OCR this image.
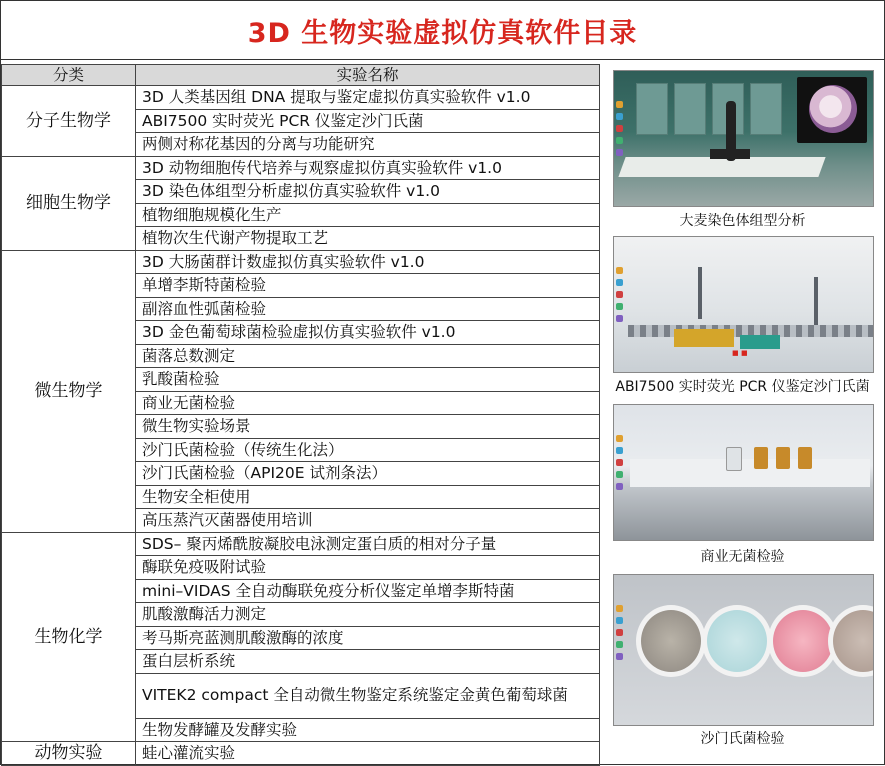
3D 生物实验虚拟仿真软件目录
分类	实验名称
分子生物学	3D 人类基因组 DNA 提取与鉴定虚拟仿真实验软件 v1.0
	ABI7500 实时荧光 PCR 仪鉴定沙门氏菌
	两侧对称花基因的分离与功能研究
细胞生物学	3D 动物细胞传代培养与观察虚拟仿真实验软件 v1.0
	3D 染色体组型分析虚拟仿真实验软件 v1.0
	植物细胞规模化生产
	植物次生代谢产物提取工艺
微生物学	3D 大肠菌群计数虚拟仿真实验软件 v1.0
	单增李斯特菌检验
	副溶血性弧菌检验
	3D 金色葡萄球菌检验虚拟仿真实验软件 v1.0
	菌落总数测定
	乳酸菌检验
	商业无菌检验
	微生物实验场景
	沙门氏菌检验（传统生化法）
	沙门氏菌检验（API20E 试剂条法）
	生物安全柜使用
	高压蒸汽灭菌器使用培训
生物化学	SDS– 聚丙烯酰胺凝胶电泳测定蛋白质的相对分子量
	酶联免疫吸附试验
	mini–VIDAS 全自动酶联免疫分析仪鉴定单增李斯特菌
	肌酸激酶活力测定
	考马斯亮蓝测肌酸激酶的浓度
	蛋白层析系统
	VITEK2 compact 全自动微生物鉴定系统鉴定金黄色葡萄球菌
	生物发酵罐及发酵实验
动物实验	蛙心灌流实验
大麦染色体组型分析
■ ■
ABI7500 实时荧光 PCR 仪鉴定沙门氏菌
商业无菌检验
沙门氏菌检验
